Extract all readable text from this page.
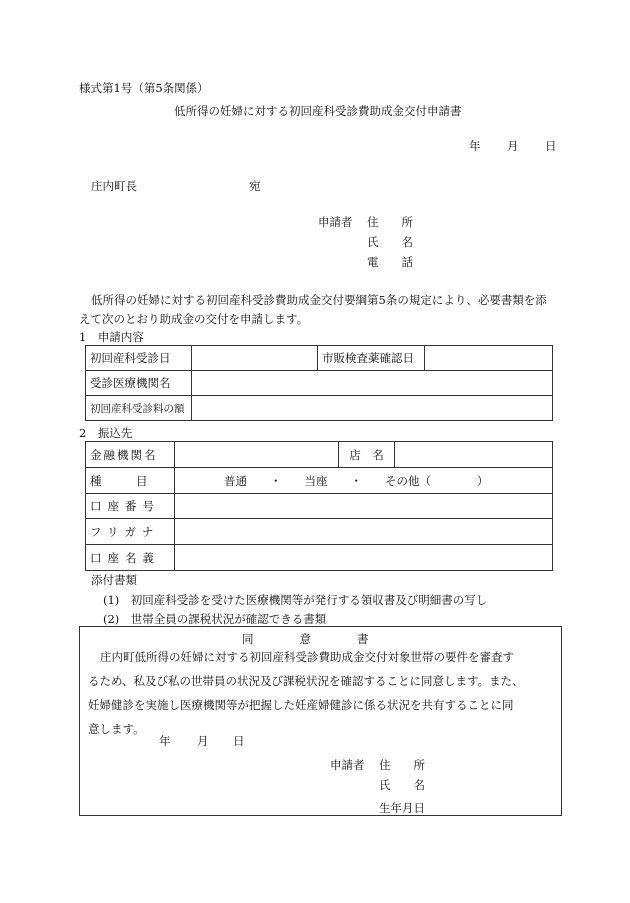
様式第1号（第5条関係）
低所得の妊婦に対する初回産科受診費助成金交付申請書
年 月 日
庄内町長	宛
申請者 住　　所
氏　　名
電　　話
低所得の妊婦に対する初回産科受診費助成金交付要綱第5条の規定により、必要書類を添
えて次のとおり助成金の交付を申請します。
1　申請内容
初回産科受診日		市販検査薬確認日	
受診医療機関名			
初回産科受診料の額			
2　振込先
金融機関名		店　名	
種　　　目	普通　　・　　当座　　・　　その他（　　　　）		
口座番号			
フリガナ			
口座名義			
添付書類
(1)　初回産科受診を受けた医療機関等が発行する領収書及び明細書の写し
(2)　世帯全員の課税状況が確認できる書類
同　　　　意　　　　書
庄内町低所得の妊婦に対する初回産科受診費助成金交付対象世帯の要件を審査す
るため、私及び私の世帯員の状況及び課税状況を確認することに同意します。また、
妊婦健診を実施し医療機関等が把握した妊産婦健診に係る状況を共有することに同
意します。
年 月 日
申請者 住　　所
氏　　名
生年月日
